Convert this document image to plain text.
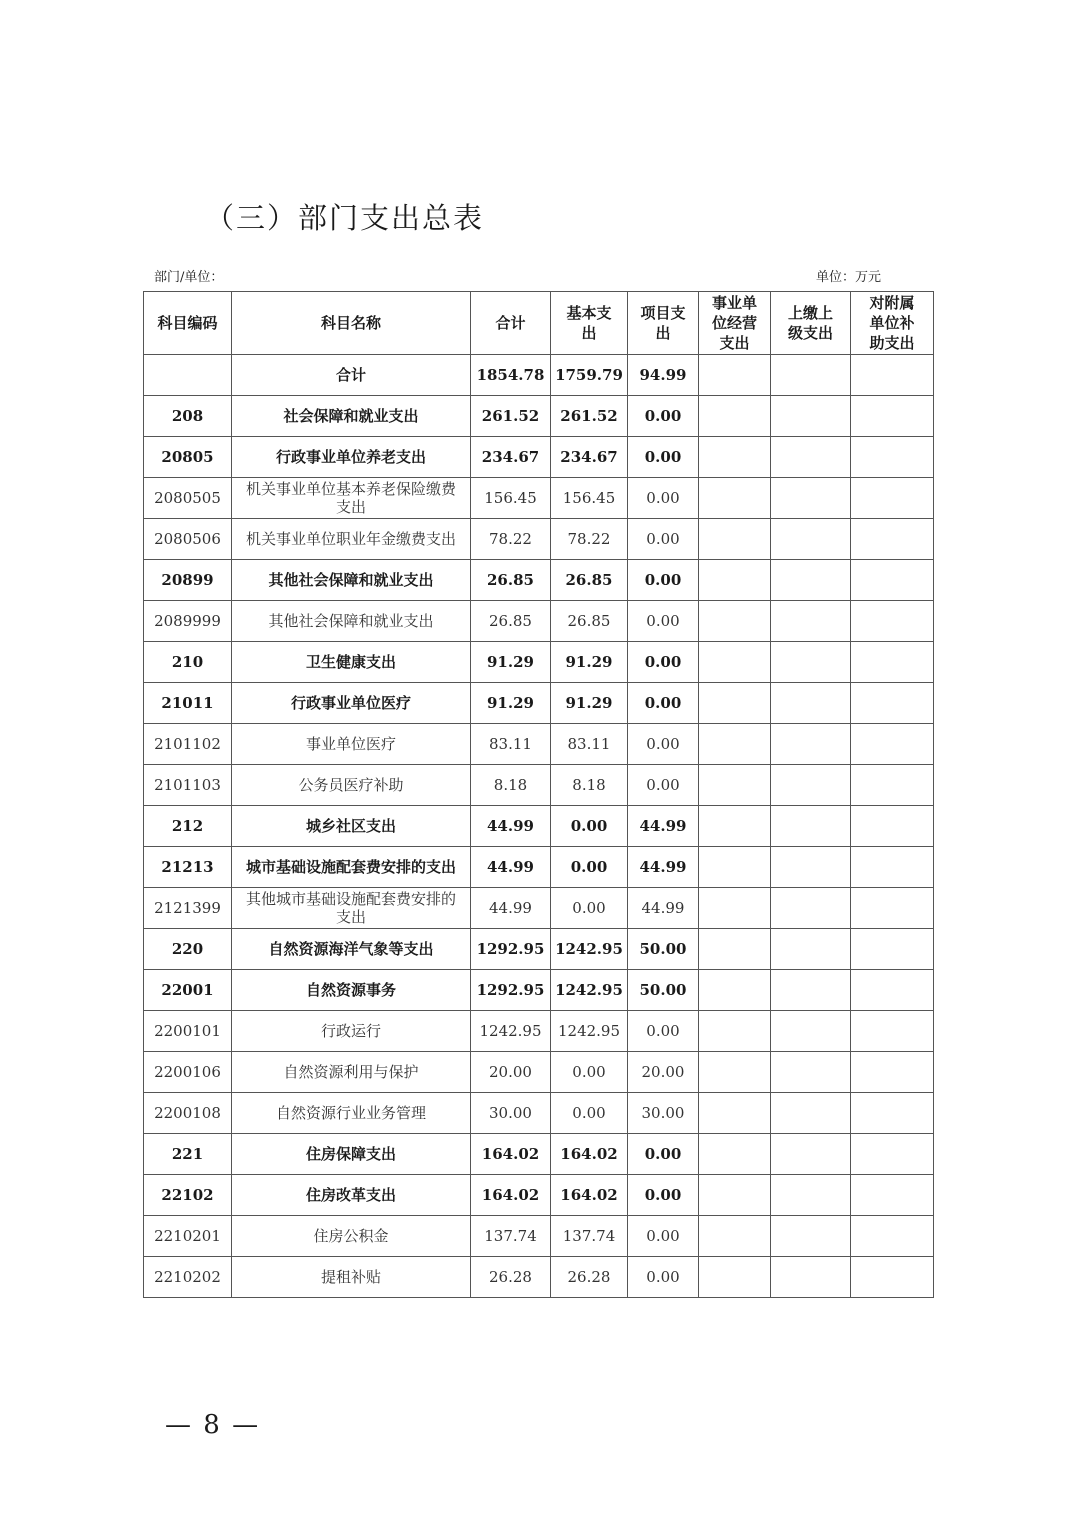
（三）部门支出总表
部门/单位：	单位：万元
科目编码	科目名称	合计	基本支出	项目支出	事业单位经营支出	上缴上级支出	对附属单位补助支出
	合计	1854.78	1759.79	94.99			
208	社会保障和就业支出	261.52	261.52	0.00			
20805	行政事业单位养老支出	234.67	234.67	0.00			
2080505	机关事业单位基本养老保险缴费支出	156.45	156.45	0.00			
2080506	机关事业单位职业年金缴费支出	78.22	78.22	0.00			
20899	其他社会保障和就业支出	26.85	26.85	0.00			
2089999	其他社会保障和就业支出	26.85	26.85	0.00			
210	卫生健康支出	91.29	91.29	0.00			
21011	行政事业单位医疗	91.29	91.29	0.00			
2101102	事业单位医疗	83.11	83.11	0.00			
2101103	公务员医疗补助	8.18	8.18	0.00			
212	城乡社区支出	44.99	0.00	44.99			
21213	城市基础设施配套费安排的支出	44.99	0.00	44.99			
2121399	其他城市基础设施配套费安排的支出	44.99	0.00	44.99			
220	自然资源海洋气象等支出	1292.95	1242.95	50.00			
22001	自然资源事务	1292.95	1242.95	50.00			
2200101	行政运行	1242.95	1242.95	0.00			
2200106	自然资源利用与保护	20.00	0.00	20.00			
2200108	自然资源行业业务管理	30.00	0.00	30.00			
221	住房保障支出	164.02	164.02	0.00			
22102	住房改革支出	164.02	164.02	0.00			
2210201	住房公积金	137.74	137.74	0.00			
2210202	提租补贴	26.28	26.28	0.00			
— 8 —
